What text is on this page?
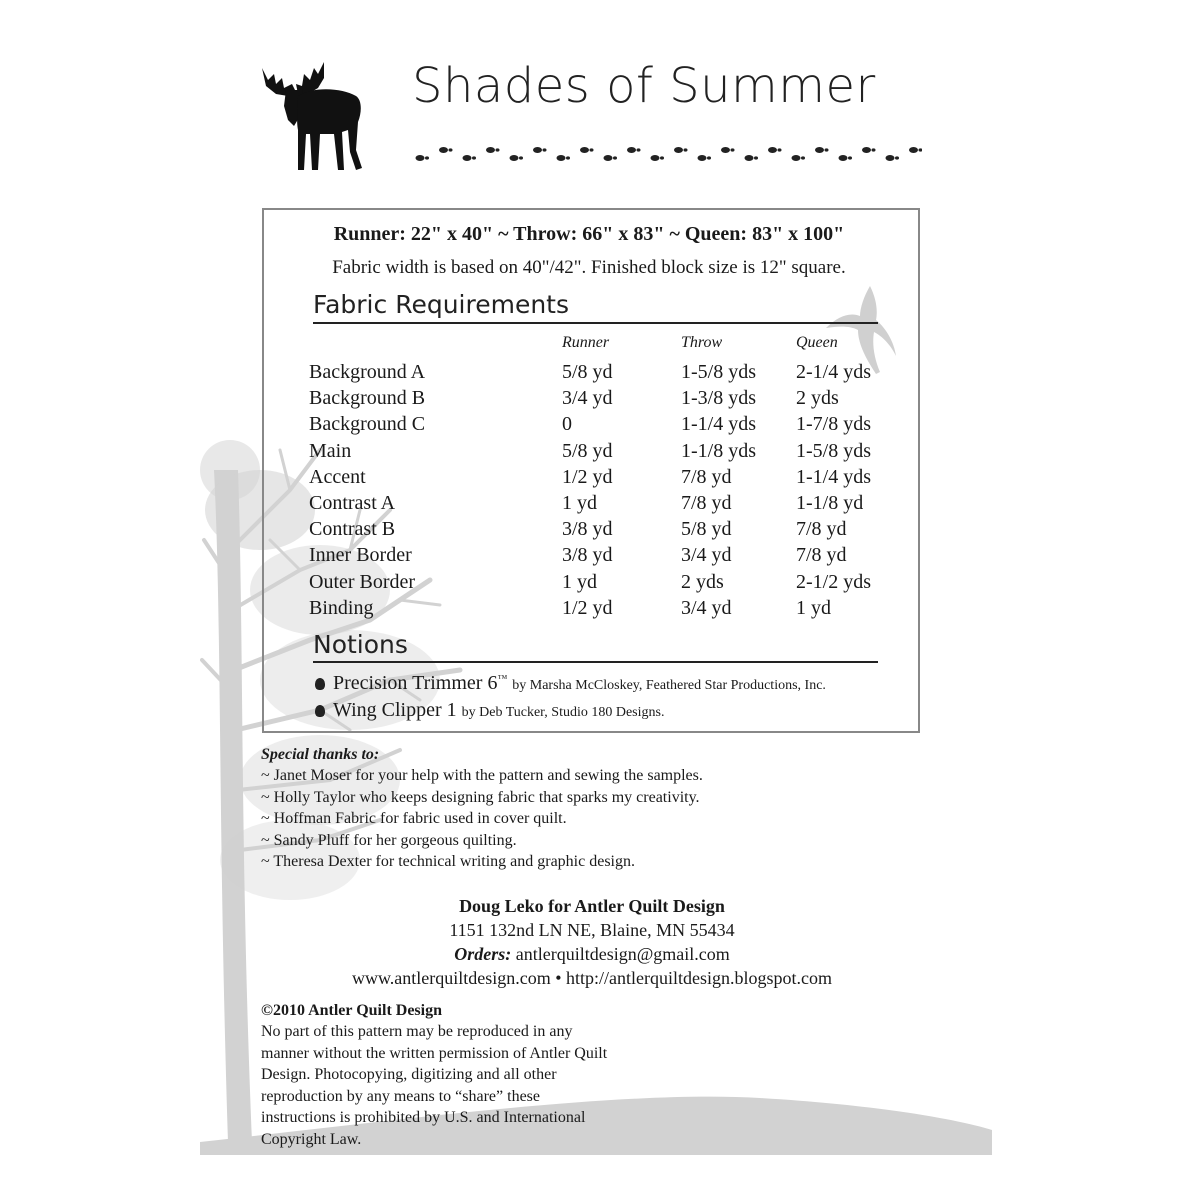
Shades of Summer
Runner: 22" x 40" ~ Throw: 66" x 83" ~ Queen: 83" x 100"
Fabric width is based on 40"/42". Finished block size is 12" square.
Fabric Requirements
Runner	Throw	Queen
Background A	5/8 yd	1-5/8 yds 2-1/4 yds
Background B	3/4 yd	1-3/8 yds 2 yds
Background C	0	1-1/4 yds 1-7/8 yds
Main	5/8 yd	1-1/8 yds 1-5/8 yds
Accent	1/2 yd	7/8 yd	1-1/4 yds
Contrast A	1 yd	7/8 yd	1-1/8 yd
Contrast B	3/8 yd	5/8 yd	7/8 yd
Inner Border	3/8 yd	3/4 yd	7/8 yd
Outer Border	1 yd	2 yds	2-1/2 yds
Binding	1/2 yd	3/4 yd	1 yd
Notions
Precision Trimmer 6™ by Marsha McCloskey, Feathered Star Productions, Inc.
Wing Clipper 1 by Deb Tucker, Studio 180 Designs.
Special thanks to:
~ Janet Moser for your help with the pattern and sewing the samples.
~ Holly Taylor who keeps designing fabric that sparks my creativity.
~ Hoffman Fabric for fabric used in cover quilt.
~ Sandy Pluff for her gorgeous quilting.
~ Theresa Dexter for technical writing and graphic design.
Doug Leko for Antler Quilt Design
1151 132nd LN NE, Blaine, MN 55434
Orders: antlerquiltdesign@gmail.com
www.antlerquiltdesign.com • http://antlerquiltdesign.blogspot.com
©2010 Antler Quilt Design
No part of this pattern may be reproduced in any
manner without the written permission of Antler Quilt
Design. Photocopying, digitizing and all other
reproduction by any means to “share” these
instructions is prohibited by U.S. and International
Copyright Law.
